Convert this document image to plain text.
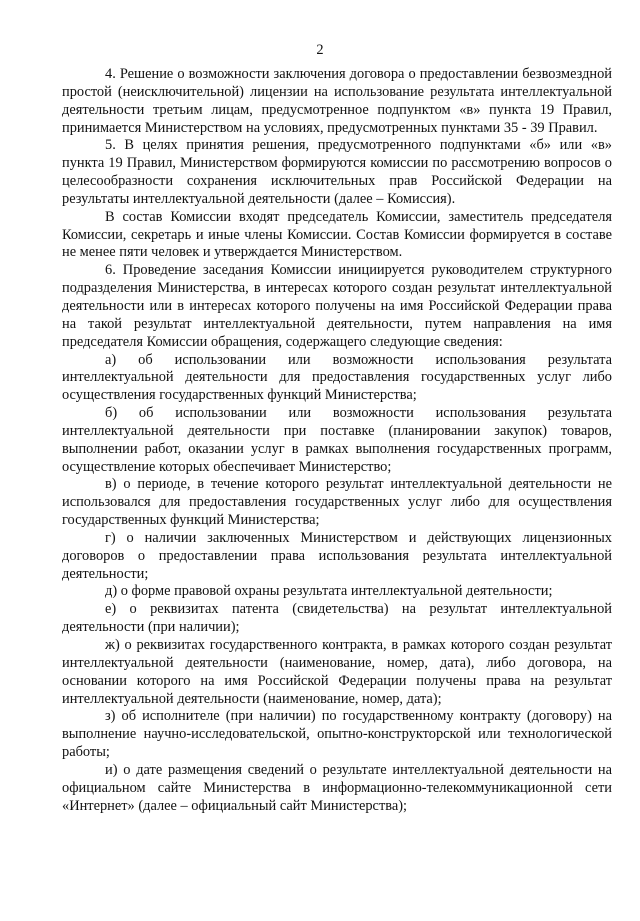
2

4. Решение о возможности заключения договора о предоставлении безвозмездной простой (неисключительной) лицензии на использование результата интеллектуальной деятельности третьим лицам, предусмотренное подпунктом «в» пункта 19 Правил, принимается Министерством на условиях, предусмотренных пунктами 35 - 39 Правил.

5. В целях принятия решения, предусмотренного подпунктами «б» или «в» пункта 19 Правил, Министерством формируются комиссии по рассмотрению вопросов о целесообразности сохранения исключительных прав Российской Федерации на результаты интеллектуальной деятельности (далее – Комиссия).

В состав Комиссии входят председатель Комиссии, заместитель председателя Комиссии, секретарь и иные члены Комиссии. Состав Комиссии формируется в составе не менее пяти человек и утверждается Министерством.

6. Проведение заседания Комиссии инициируется руководителем структурного подразделения Министерства, в интересах которого создан результат интеллектуальной деятельности или в интересах которого получены на имя Российской Федерации права на такой результат интеллектуальной деятельности, путем направления на имя председателя Комиссии обращения, содержащего следующие сведения:

а) об использовании или возможности использования результата интеллектуальной деятельности для предоставления государственных услуг либо осуществления государственных функций Министерства;

б) об использовании или возможности использования результата интеллектуальной деятельности при поставке (планировании закупок) товаров, выполнении работ, оказании услуг в рамках выполнения государственных программ, осуществление которых обеспечивает Министерство;

в) о периоде, в течение которого результат интеллектуальной деятельности не использовался для предоставления государственных услуг либо для осуществления государственных функций Министерства;

г) о наличии заключенных Министерством и действующих лицензионных договоров о предоставлении права использования результата интеллектуальной деятельности;

д) о форме правовой охраны результата интеллектуальной деятельности;

е) о реквизитах патента (свидетельства) на результат интеллектуальной деятельности (при наличии);

ж) о реквизитах государственного контракта, в рамках которого создан результат интеллектуальной деятельности (наименование, номер, дата), либо договора, на основании которого на имя Российской Федерации получены права на результат интеллектуальной деятельности (наименование, номер, дата);

з) об исполнителе (при наличии) по государственному контракту (договору) на выполнение научно-исследовательской, опытно-конструкторской или технологической работы;

и) о дате размещения сведений о результате интеллектуальной деятельности на официальном сайте Министерства в информационно-телекоммуникационной сети «Интернет» (далее – официальный сайт Министерства);
